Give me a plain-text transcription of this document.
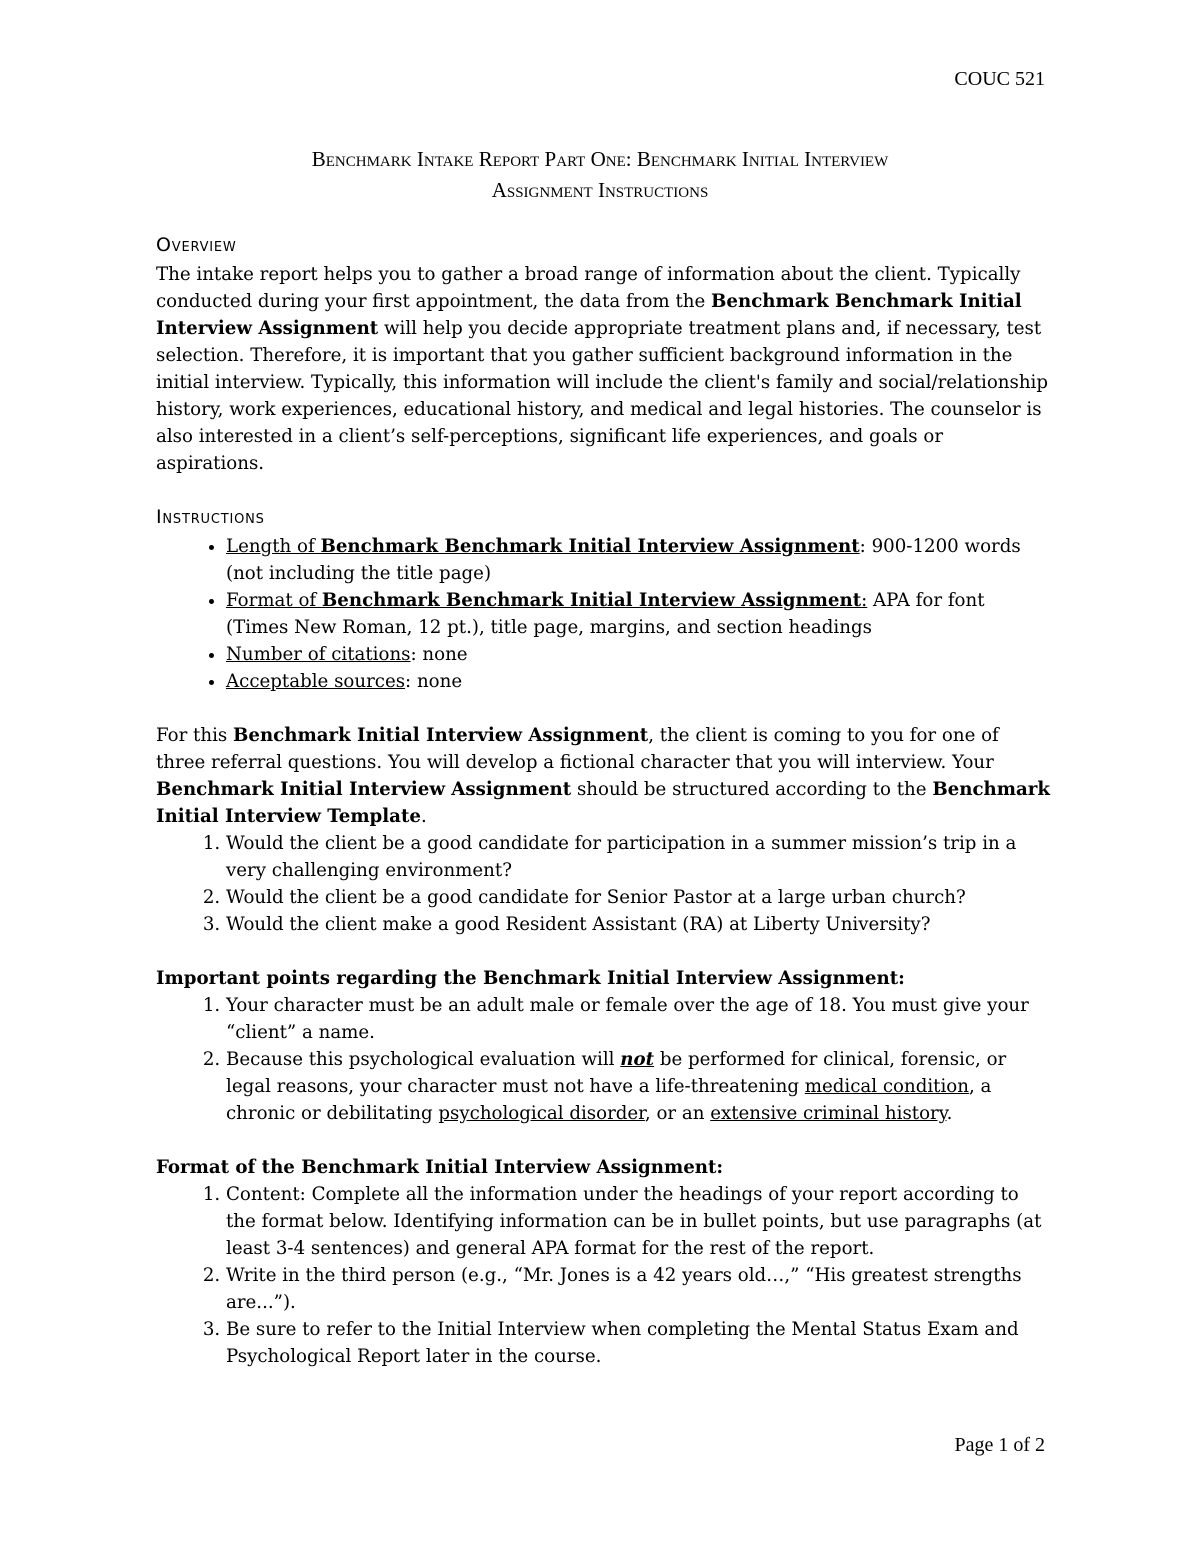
COUC 521
Benchmark Intake Report Part One: Benchmark Initial Interview
Assignment Instructions
Overview

The intake report helps you to gather a broad range of information about the client. Typically conducted during your first appointment, the data from the Benchmark Benchmark Initial Interview Assignment will help you decide appropriate treatment plans and, if necessary, test selection. Therefore, it is important that you gather sufficient background information in the initial interview. Typically, this information will include the client's family and social/relationship history, work experiences, educational history, and medical and legal histories. The counselor is also interested in a client’s self-perceptions, significant life experiences, and goals or aspirations.

Instructions
• Length of Benchmark Benchmark Initial Interview Assignment: 900-1200 words (not including the title page)
• Format of Benchmark Benchmark Initial Interview Assignment: APA for font (Times New Roman, 12 pt.), title page, margins, and section headings
• Number of citations: none
• Acceptable sources: none

For this Benchmark Initial Interview Assignment, the client is coming to you for one of three referral questions. You will develop a fictional character that you will interview. Your Benchmark Initial Interview Assignment should be structured according to the Benchmark Initial Interview Template.

1. Would the client be a good candidate for participation in a summer mission’s trip in a very challenging environment?
2. Would the client be a good candidate for Senior Pastor at a large urban church?
3. Would the client make a good Resident Assistant (RA) at Liberty University?

Important points regarding the Benchmark Initial Interview Assignment:

1. Your character must be an adult male or female over the age of 18. You must give your “client” a name.
2. Because this psychological evaluation will not be performed for clinical, forensic, or legal reasons, your character must not have a life-threatening medical condition, a chronic or debilitating psychological disorder, or an extensive criminal history.

Format of the Benchmark Initial Interview Assignment:

1. Content: Complete all the information under the headings of your report according to the format below. Identifying information can be in bullet points, but use paragraphs (at least 3-4 sentences) and general APA format for the rest of the report.
2. Write in the third person (e.g., “Mr. Jones is a 42 years old…,” “His greatest strengths are...”).
3. Be sure to refer to the Initial Interview when completing the Mental Status Exam and Psychological Report later in the course.
Page 1 of 2
